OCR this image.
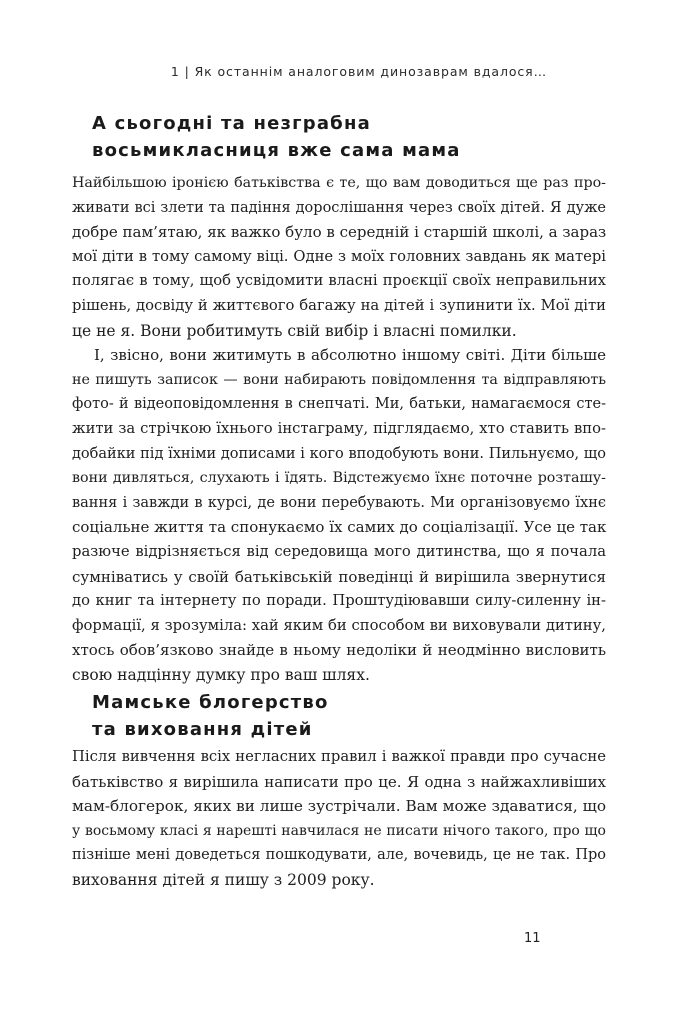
1 | Як останнім аналоговим динозаврам вдалося…
А сьогодні та незграбна
восьмикласниця вже сама мама
Найбільшою іронією батьківства є те, що вам доводиться ще раз про-
живати всі злети та падіння дорослішання через своїх дітей. Я дуже
добре пам’ятаю, як важко було в середній і старшій школі, а зараз
мої діти в тому самому віці. Одне з моїх головних завдань як матері
полягає в тому, щоб усвідомити власні проєкції своїх неправильних
рішень, досвіду й життєвого багажу на дітей і зупинити їх. Мої діти
це не я. Вони робитимуть свій вибір і власні помилки.
І, звісно, вони житимуть в абсолютно іншому світі. Діти більше
не пишуть записок — вони набирають повідомлення та відправляють
фото- й відеоповідомлення в снепчаті. Ми, батьки, намагаємося сте-
жити за стрічкою їхнього інстаграму, підглядаємо, хто ставить впо-
добайки під їхніми дописами і кого вподобують вони. Пильнуємо, що
вони дивляться, слухають і їдять. Відстежуємо їхнє поточне розташу-
вання і завжди в курсі, де вони перебувають. Ми організовуємо їхнє
соціальне життя та спонукаємо їх самих до соціалізації. Усе це так
разюче відрізняється від середовища мого дитинства, що я почала
сумніватись у своїй батьківській поведінці й вирішила звернутися
до книг та інтернету по поради. Проштудіювавши силу-силенну ін-
формації, я зрозуміла: хай яким би способом ви виховували дитину,
хтось обов’язково знайде в ньому недоліки й неодмінно висловить
свою надцінну думку про ваш шлях.
Мамське блогерство
та виховання дітей
Після вивчення всіх негласних правил і важкої правди про сучасне
батьківство я вирішила написати про це. Я одна з найжахливіших
мам-блогерок, яких ви лише зустрічали. Вам може здаватися, що
у восьмому класі я нарешті навчилася не писати нічого такого, про що
пізніше мені доведеться пошкодувати, але, вочевидь, це не так. Про
виховання дітей я пишу з 2009 року.
11
